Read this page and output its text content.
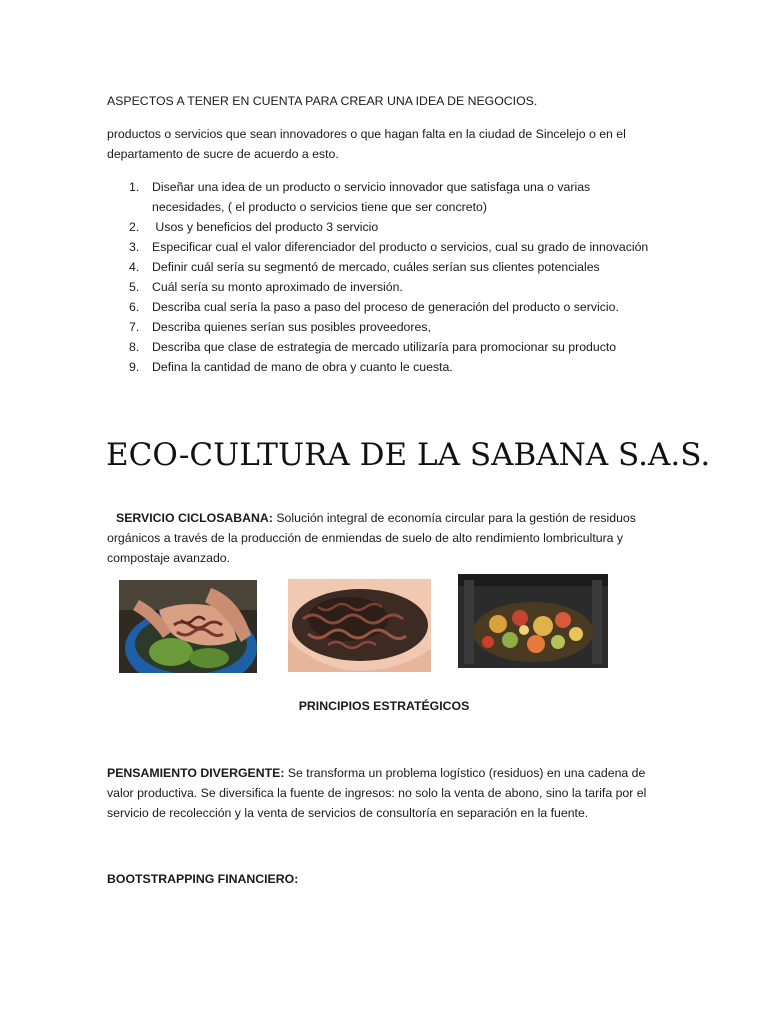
ASPECTOS A TENER EN CUENTA PARA CREAR UNA IDEA DE NEGOCIOS.
productos o servicios que sean innovadores o que hagan falta en la ciudad de Sincelejo o en el
departamento de sucre de acuerdo a esto.
1. Diseñar una idea de un producto o servicio innovador que satisfaga una o varias
necesidades, ( el producto o servicios tiene que ser concreto)
2. Usos y beneficios del producto 3 servicio
3. Especificar cual el valor diferenciador del producto o servicios, cual su grado de innovación
4. Definir cuál sería su segmentó de mercado, cuáles serían sus clientes potenciales
5. Cuál sería su monto aproximado de inversión.
6. Describa cual sería la paso a paso del proceso de generación del producto o servicio.
7. Describa quienes serían sus posibles proveedores,
8. Describa que clase de estrategia de mercado utilizaría para promocionar su producto
9. Defina la cantidad de mano de obra y cuanto le cuesta.
ECO-CULTURA DE LA SABANA S.A.S.
SERVICIO CICLOSABANA: Solución integral de economía circular para la gestión de residuos
orgánicos a través de la producción de enmiendas de suelo de alto rendimiento lombricultura y
compostaje avanzado.
PRINCIPIOS ESTRATÉGICOS
PENSAMIENTO DIVERGENTE: Se transforma un problema logístico (residuos) en una cadena de
valor productiva. Se diversifica la fuente de ingresos: no solo la venta de abono, sino la tarifa por el
servicio de recolección y la venta de servicios de consultoría en separación en la fuente.
BOOTSTRAPPING FINANCIERO:
